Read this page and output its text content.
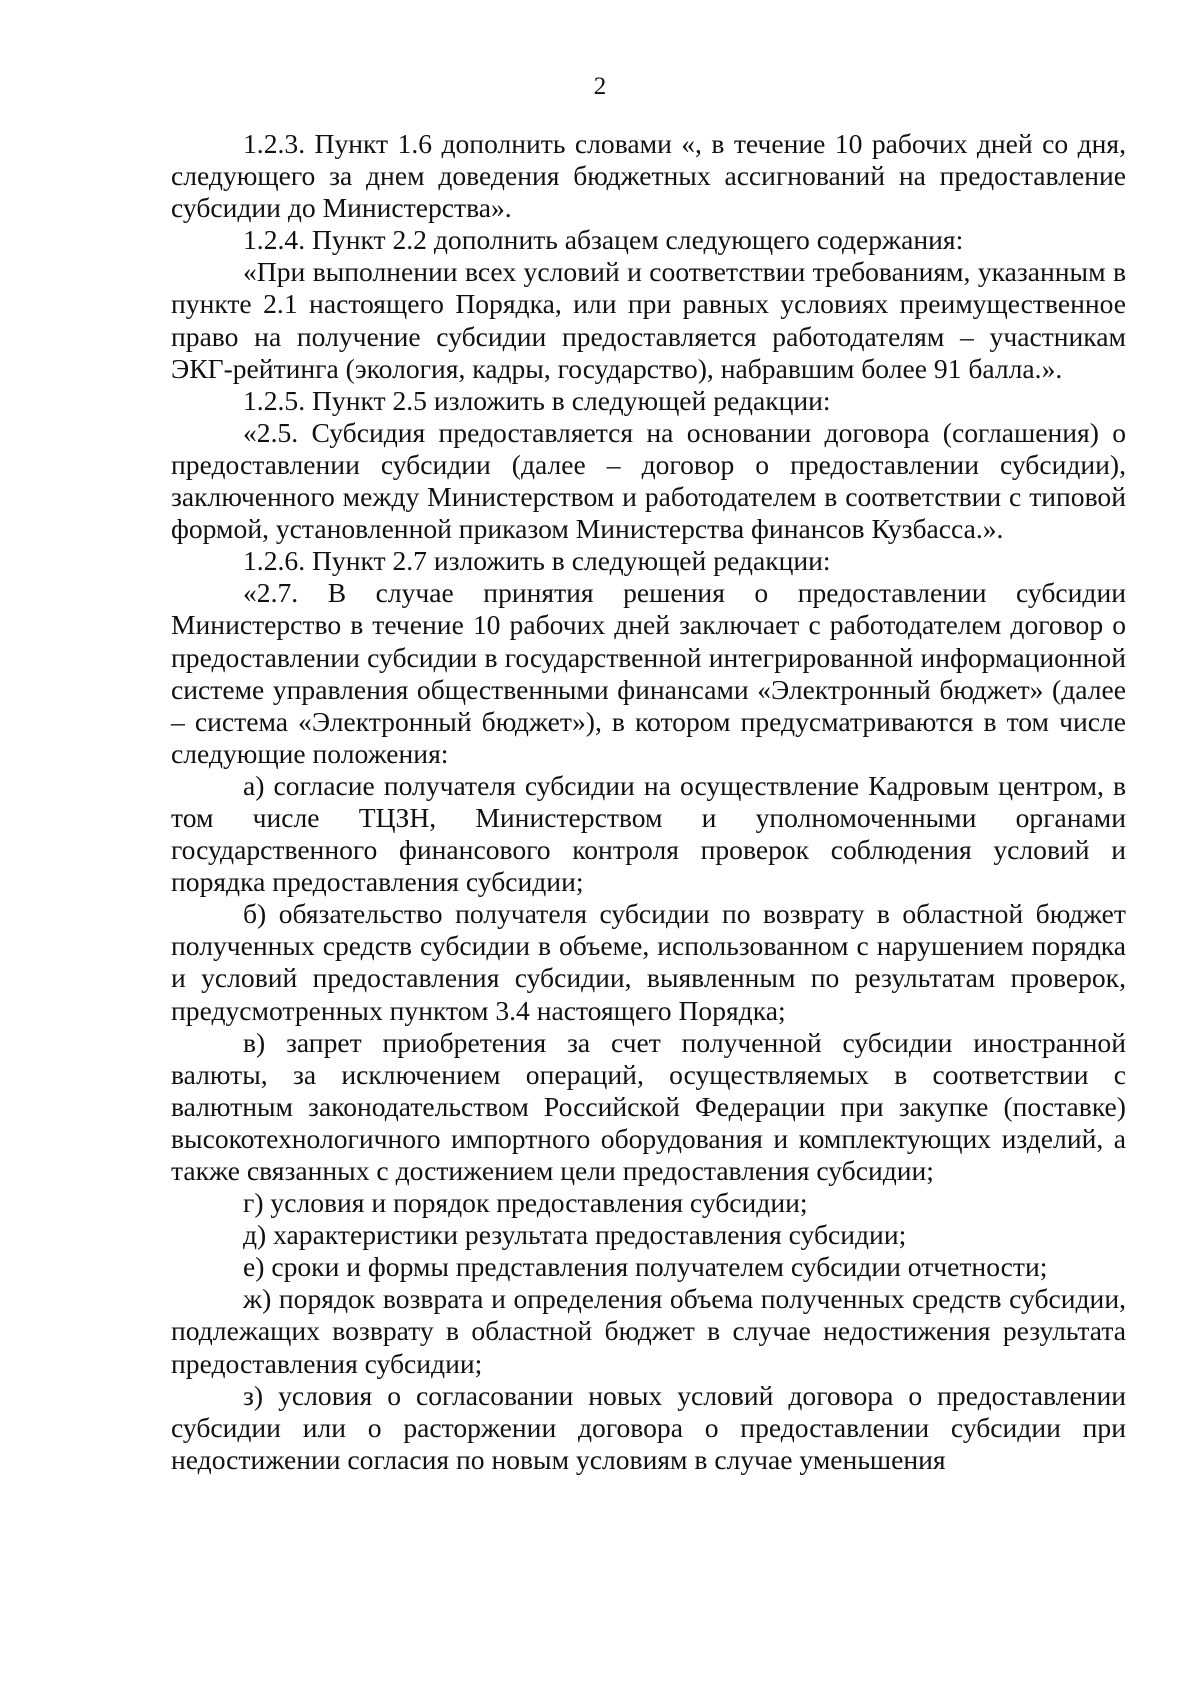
2

1.2.3. Пункт 1.6 дополнить словами «, в течение 10 рабочих дней со дня, следующего за днем доведения бюджетных ассигнований на предоставление субсидии до Министерства».

1.2.4. Пункт 2.2 дополнить абзацем следующего содержания:

«При выполнении всех условий и соответствии требованиям, указанным в пункте 2.1 настоящего Порядка, или при равных условиях преимущественное право на получение субсидии предоставляется работодателям – участникам ЭКГ-рейтинга (экология, кадры, государство), набравшим более 91 балла.».

1.2.5. Пункт 2.5 изложить в следующей редакции:

«2.5. Субсидия предоставляется на основании договора (соглашения) о предоставлении субсидии (далее – договор о предоставлении субсидии), заключенного между Министерством и работодателем в соответствии с типовой формой, установленной приказом Министерства финансов Кузбасса.».

1.2.6. Пункт 2.7 изложить в следующей редакции:

«2.7. В случае принятия решения о предоставлении субсидии Министерство в течение 10 рабочих дней заключает с работодателем договор о предоставлении субсидии в государственной интегрированной информационной системе управления общественными финансами «Электронный бюджет» (далее – система «Электронный бюджет»), в котором предусматриваются в том числе следующие положения:

а) согласие получателя субсидии на осуществление Кадровым центром, в том числе ТЦЗН, Министерством и уполномоченными органами государственного финансового контроля проверок соблюдения условий и порядка предоставления субсидии;

б) обязательство получателя субсидии по возврату в областной бюджет полученных средств субсидии в объеме, использованном с нарушением порядка и условий предоставления субсидии, выявленным по результатам проверок, предусмотренных пунктом 3.4 настоящего Порядка;

в) запрет приобретения за счет полученной субсидии иностранной валюты, за исключением операций, осуществляемых в соответствии с валютным законодательством Российской Федерации при закупке (поставке) высокотехнологичного импортного оборудования и комплектующих изделий, а также связанных с достижением цели предоставления субсидии;

г) условия и порядок предоставления субсидии;

д) характеристики результата предоставления субсидии;

е) сроки и формы представления получателем субсидии отчетности;

ж) порядок возврата и определения объема полученных средств субсидии, подлежащих возврату в областной бюджет в случае недостижения результата предоставления субсидии;

з) условия о согласовании новых условий договора о предоставлении субсидии или о расторжении договора о предоставлении субсидии при недостижении согласия по новым условиям в случае уменьшения
